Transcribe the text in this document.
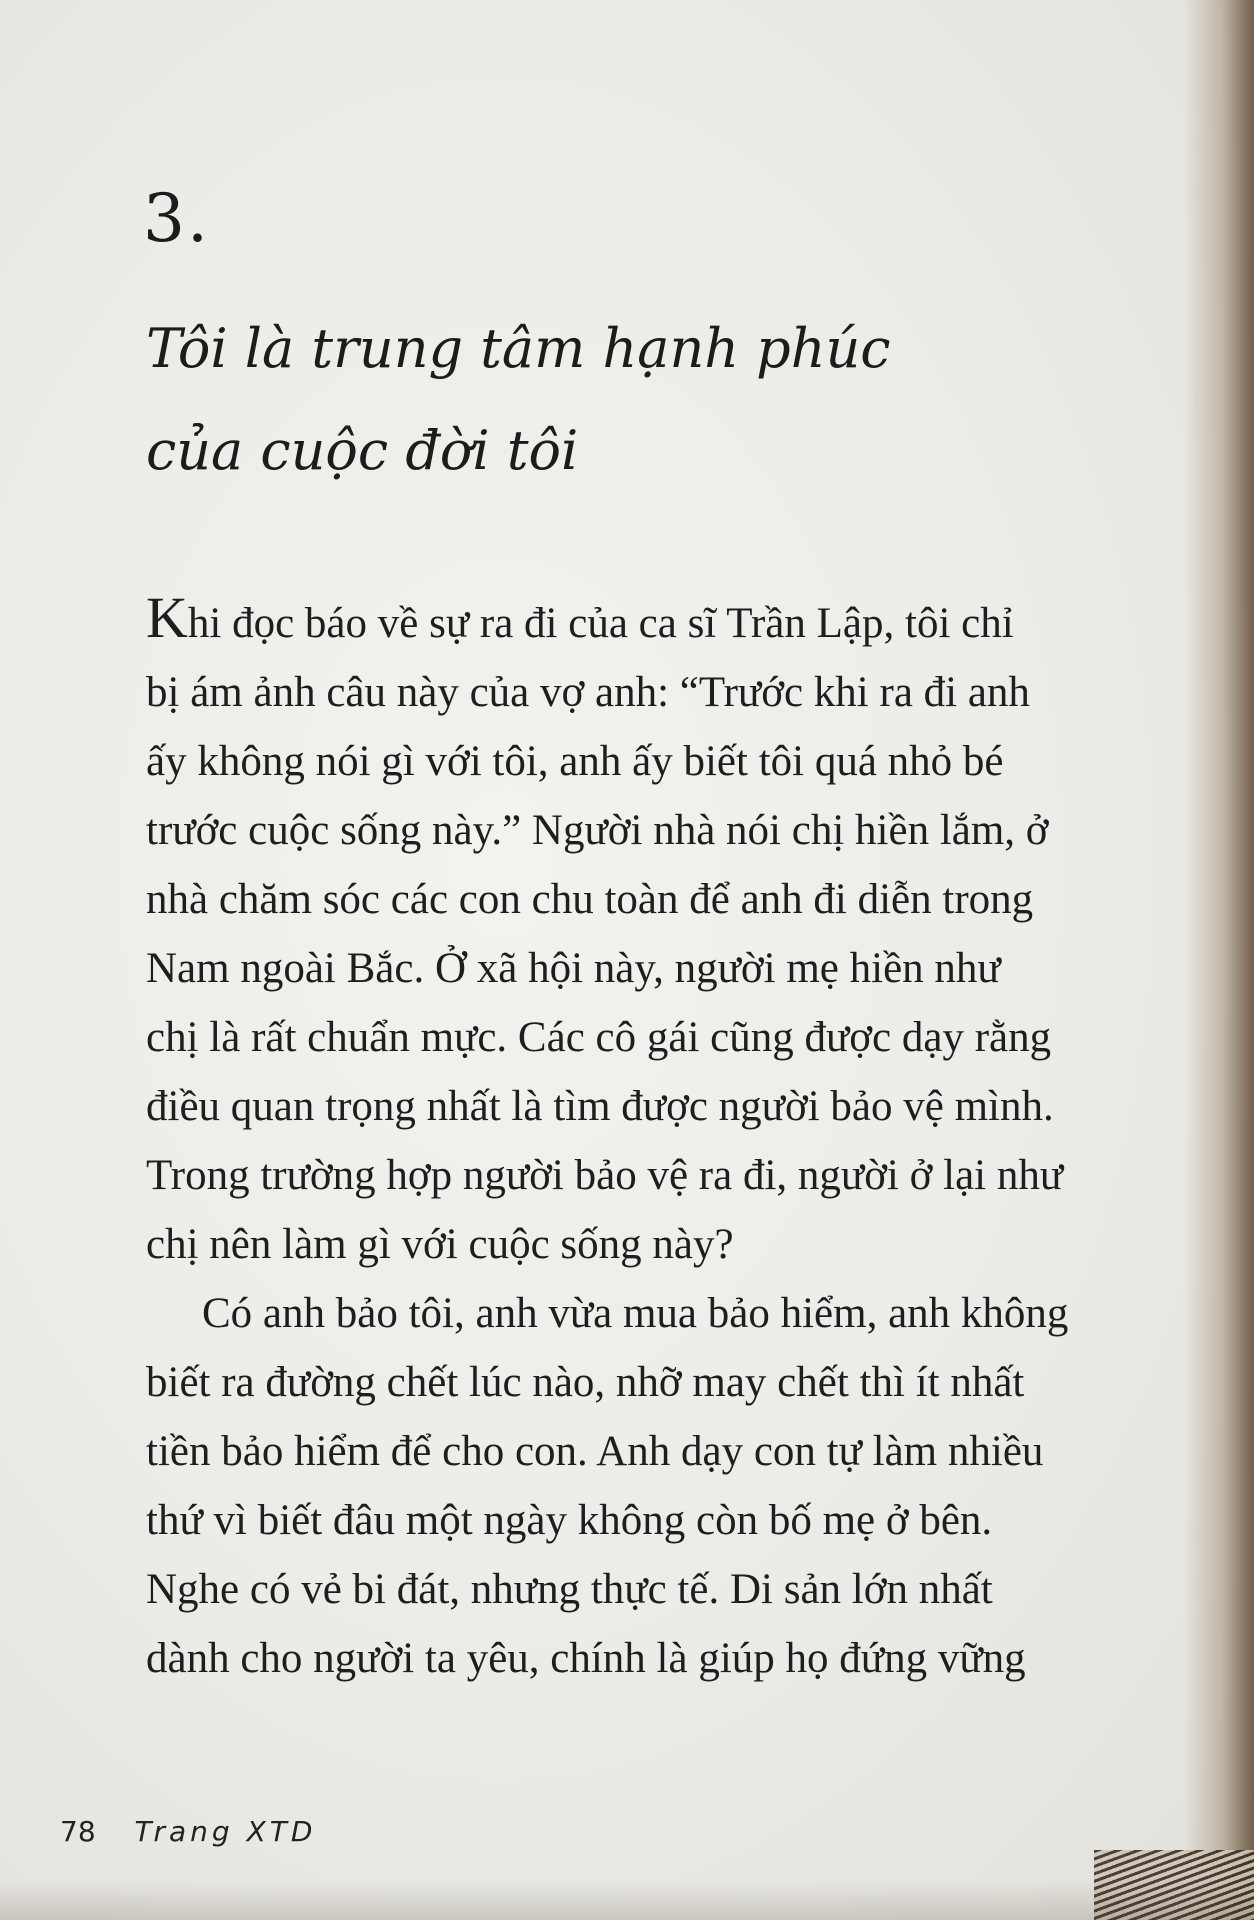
3.
Tôi là trung tâm hạnh phúc
của cuộc đời tôi
Khi đọc báo về sự ra đi của ca sĩ Trần Lập, tôi chỉ
bị ám ảnh câu này của vợ anh: “Trước khi ra đi anh
ấy không nói gì với tôi, anh ấy biết tôi quá nhỏ bé
trước cuộc sống này.” Người nhà nói chị hiền lắm, ở
nhà chăm sóc các con chu toàn để anh đi diễn trong
Nam ngoài Bắc. Ở xã hội này, người mẹ hiền như
chị là rất chuẩn mực. Các cô gái cũng được dạy rằng
điều quan trọng nhất là tìm được người bảo vệ mình.
Trong trường hợp người bảo vệ ra đi, người ở lại như
chị nên làm gì với cuộc sống này?
Có anh bảo tôi, anh vừa mua bảo hiểm, anh không
biết ra đường chết lúc nào, nhỡ may chết thì ít nhất
tiền bảo hiểm để cho con. Anh dạy con tự làm nhiều
thứ vì biết đâu một ngày không còn bố mẹ ở bên.
Nghe có vẻ bi đát, nhưng thực tế. Di sản lớn nhất
dành cho người ta yêu, chính là giúp họ đứng vững
78 Trang XTD
